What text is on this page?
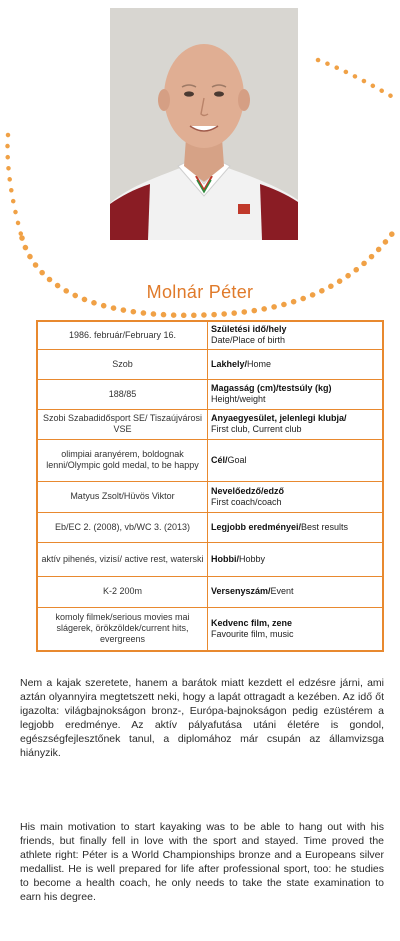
Molnár Péter
1986. február/February 16.	Születési idő/hely
Date/Place of birth
Szob	Lakhely/Home
188/85	Magasság (cm)/testsúly (kg)
Height/weight
Szobi Szabadidősport SE/ Tiszaújvárosi VSE	Anyaegyesület, jelenlegi klubja/
First club, Current club
olimpiai aranyérem, boldognak lenni/Olympic gold medal, to be happy	Cél/Goal
Matyus Zsolt/Hüvös Viktor	Nevelőedző/edző
First coach/coach
Eb/EC 2. (2008), vb/WC 3. (2013)	Legjobb eredményei/Best results
aktív pihenés, vizisí/ active rest, waterski	Hobbi/Hobby
K-2 200m	Versenyszám/Event
komoly filmek/serious movies mai slágerek, örökzöldek/current hits, evergreens	Kedvenc film, zene
Favourite film, music

Nem a kajak szeretete, hanem a barátok miatt kezdett el edzésre járni, ami aztán olyannyira megtetszett neki, hogy a lapát ottragadt a kezében. Az idő őt igazolta: világbajnokságon bronz-, Európa-bajnokságon pedig ezüstérem a legjobb eredménye. Az aktív pályafutása utáni életére is gondol, egészségfejlesztőnek tanul, a diplomához már csupán az államvizsga hiányzik.

His main motivation to start kayaking was to be able to hang out with his friends, but finally fell in love with the sport and stayed. Time proved the athlete right: Péter is a World Championships bronze and a Europeans silver medallist. He is well prepared for life after professional sport, too: he studies to become a health coach, he only needs to take the state examination to earn his degree.
